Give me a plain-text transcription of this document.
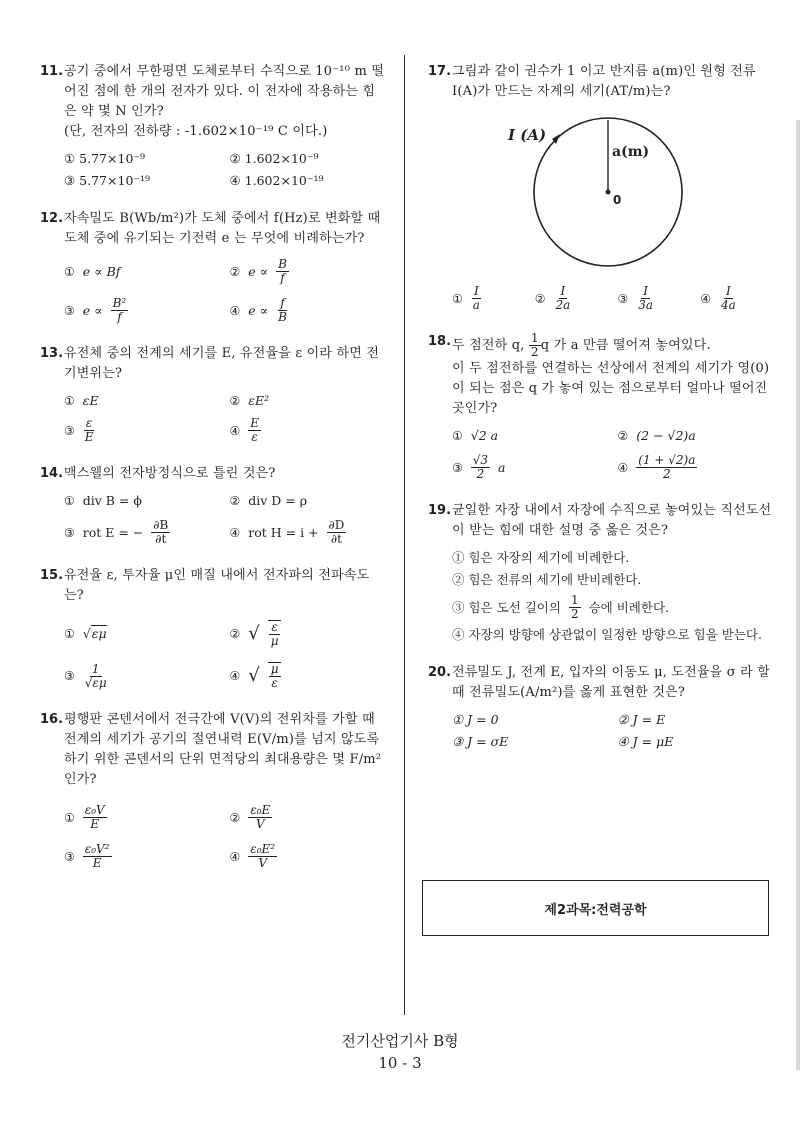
11. 공기 중에서 무한평면 도체로부터 수직으로 10⁻¹⁰ m 떨어진 점에 한 개의 전자가 있다. 이 전자에 작용하는 힘은 약 몇 N 인가?
(단, 전자의 전하량 : -1.602×10⁻¹⁹ C 이다.)
① 5.77×10⁻⁹	② 1.602×10⁻⁹
③ 5.77×10⁻¹⁹	④ 1.602×10⁻¹⁹
12. 자속밀도 B(Wb/m²)가 도체 중에서 f(Hz)로 변화할 때 도체 중에 유기되는 기전력 e 는 무엇에 비례하는가?
① e ∝ Bf	② $e \propto \frac{B}{f}$
③ $e \propto \frac{\text{B²}}{f}$	④ $e \propto \frac{f}{B}$
13. 유전체 중의 전계의 세기를 E, 유전율을 ε 이라 하면 전기변위는?
① εE	② εE²
③ $\frac{\varepsilon}{E}$	④ $\frac{E}{\varepsilon}$
14. 맥스웰의 전자방정식으로 틀린 것은?
① div B = ϕ	② div D = ρ
③ rot E = − $\frac{\partial B}{\partial t}$	④ rot $H = i + \frac{\partial D}{\partial t}$
15. 유전율 ε, 투자율 μ인 매질 내에서 전자파의 전파속도는?
① √εμ	② √ $\frac{\varepsilon}{\mu}$
③ $\frac{1}{√\varepsilon\mu}$	④ √ $\frac{\mu}{\varepsilon}$
16. 평행판 콘덴서에서 전극간에 V(V)의 전위차를 가할 때 전계의 세기가 공기의 절연내력 E(V/m)를 넘지 않도록 하기 위한 콘덴서의 단위 면적당의 최대용량은 몇 F/m² 인가?
① $\frac{\text{ε₀V}}{E}$	② $\frac{\text{ε₀E}}{V}$
③ $\frac{\text{ε₀V²}}{E}$	④ $\frac{\text{ε₀E²}}{V}$
17. 그림과 같이 권수가 1 이고 반지름 a(m)인 원형 전류 I(A)가 만드는 자계의 세기(AT/m)는?
I (A)
a(m)
0
① $\frac{I}{a}$	② $\frac{I}{2a}$	③ $\frac{I}{3a}$	④ $\frac{I}{4a}$
18. 두 점전하 q, $\frac{1}{2}$ q 가 a 만큼 떨어져 놓여있다.
이 두 점전하를 연결하는 선상에서 전계의 세기가 영(0)이 되는 점은 q 가 놓여 있는 점으로부터 얼마나 떨어진 곳인가?
① √2 a	② (2 − √2)a
③ $\frac{√3}{2}$ a	④ $\frac{(1 + √2)a}{2}$
19. 균일한 자장 내에서 자장에 수직으로 놓여있는 직선도선이 받는 힘에 대한 설명 중 옳은 것은?
① 힘은 자장의 세기에 비례한다.
② 힘은 전류의 세기에 반비례한다.
③ 힘은 도선 길이의 $\frac{1}{2}$ 승에 비례한다.
④ 자장의 방향에 상관없이 일정한 방향으로 힘을 받는다.
20. 전류밀도 J, 전계 E, 입자의 이동도 μ, 도전율을 σ 라 할 때 전류밀도(A/m²)를 옳게 표현한 것은?
① J = 0	② J = E
③ J = σE	④ J = μE
제2과목:전력공학
전기산업기사 B형
10 - 3
